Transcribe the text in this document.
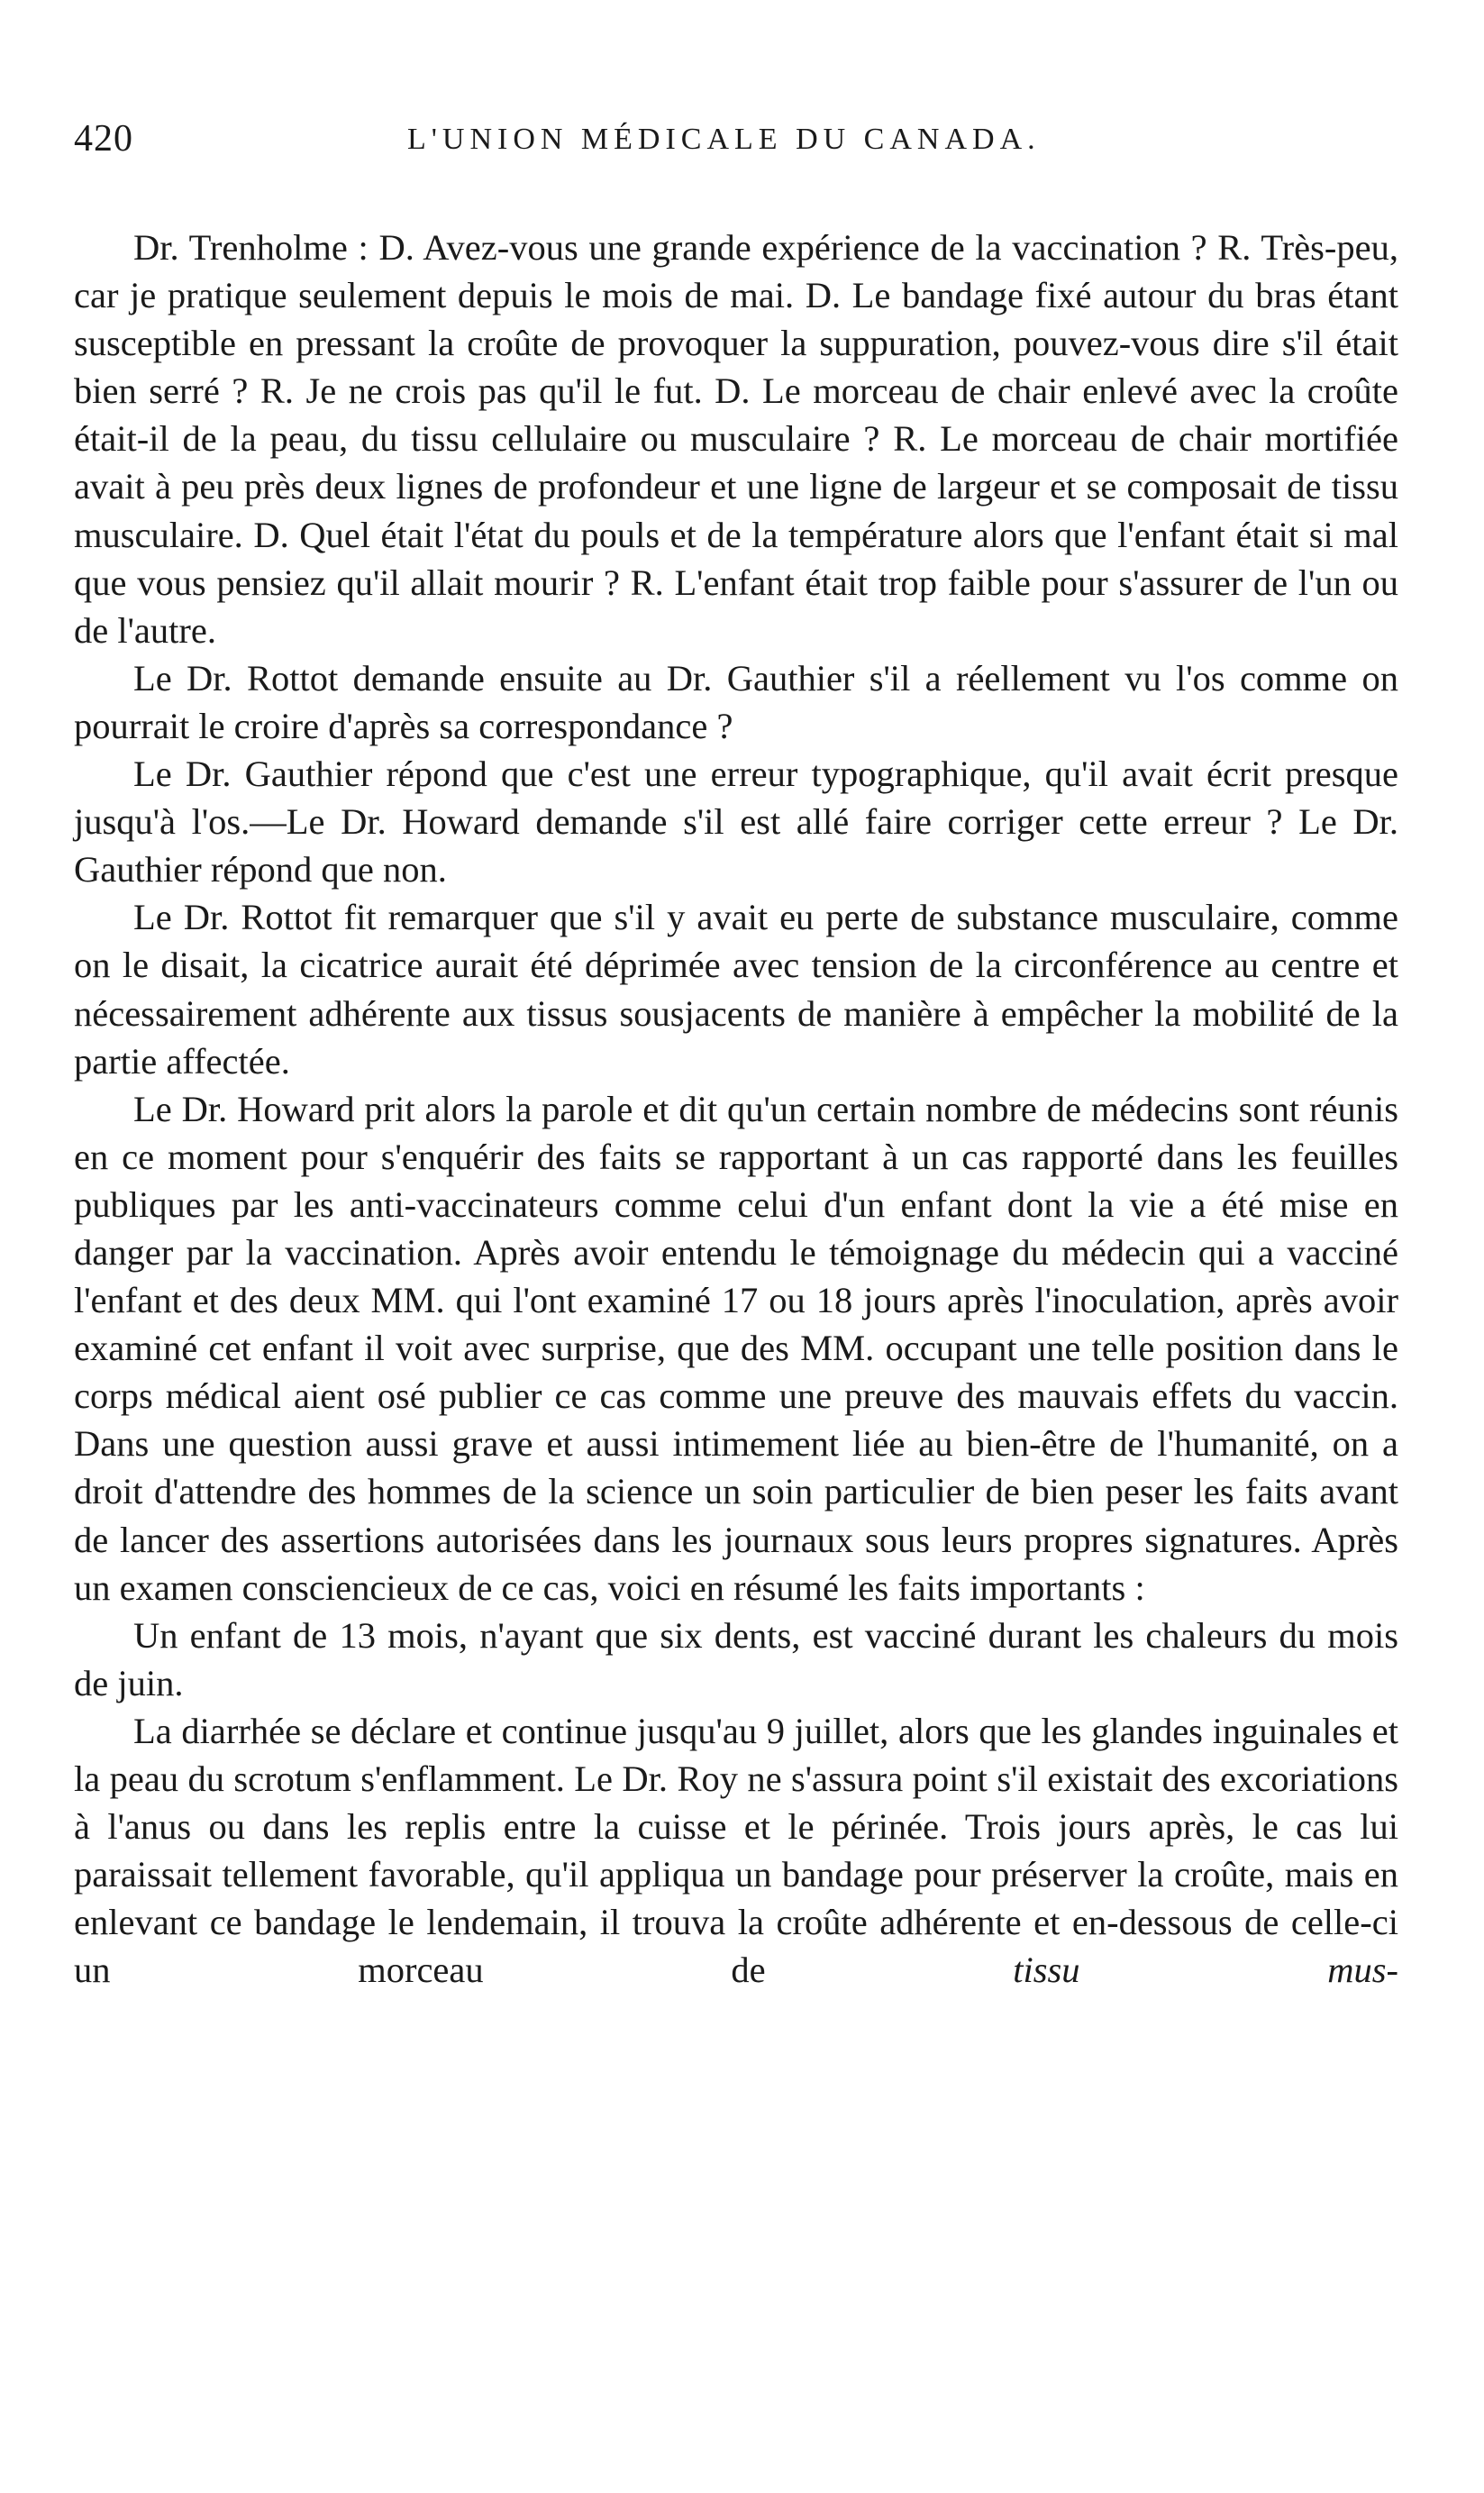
420	L'UNION MÉDICALE DU CANADA.

Dr. Trenholme : D. Avez-vous une grande expérience de la vaccination ? R. Très-peu, car je pratique seulement depuis le mois de mai. D. Le bandage fixé autour du bras étant susceptible en pressant la croûte de provoquer la suppuration, pouvez-vous dire s'il était bien serré ? R. Je ne crois pas qu'il le fut. D. Le morceau de chair enlevé avec la croûte était-il de la peau, du tissu cellulaire ou musculaire ? R. Le morceau de chair mortifiée avait à peu près deux lignes de profondeur et une ligne de largeur et se composait de tissu musculaire. D. Quel était l'état du pouls et de la température alors que l'enfant était si mal que vous pensiez qu'il allait mourir ? R. L'enfant était trop faible pour s'assurer de l'un ou de l'autre.

Le Dr. Rottot demande ensuite au Dr. Gauthier s'il a réellement vu l'os comme on pourrait le croire d'après sa correspondance ?

Le Dr. Gauthier répond que c'est une erreur typographique, qu'il avait écrit presque jusqu'à l'os.—Le Dr. Howard demande s'il est allé faire corriger cette erreur ? Le Dr. Gauthier répond que non.

Le Dr. Rottot fit remarquer que s'il y avait eu perte de substance musculaire, comme on le disait, la cicatrice aurait été déprimée avec tension de la circonférence au centre et nécessairement adhérente aux tissus sousjacents de manière à empêcher la mobilité de la partie affectée.

Le Dr. Howard prit alors la parole et dit qu'un certain nombre de médecins sont réunis en ce moment pour s'enquérir des faits se rapportant à un cas rapporté dans les feuilles publiques par les anti-vaccinateurs comme celui d'un enfant dont la vie a été mise en danger par la vaccination. Après avoir entendu le témoignage du médecin qui a vacciné l'enfant et des deux MM. qui l'ont examiné 17 ou 18 jours après l'inoculation, après avoir examiné cet enfant il voit avec surprise, que des MM. occupant une telle position dans le corps médical aient osé publier ce cas comme une preuve des mauvais effets du vaccin. Dans une question aussi grave et aussi intimement liée au bien-être de l'humanité, on a droit d'attendre des hommes de la science un soin particulier de bien peser les faits avant de lancer des assertions autorisées dans les journaux sous leurs propres signatures. Après un examen consciencieux de ce cas, voici en résumé les faits importants :

Un enfant de 13 mois, n'ayant que six dents, est vacciné durant les chaleurs du mois de juin.

La diarrhée se déclare et continue jusqu'au 9 juillet, alors que les glandes inguinales et la peau du scrotum s'enflamment. Le Dr. Roy ne s'assura point s'il existait des excoriations à l'anus ou dans les replis entre la cuisse et le périnée. Trois jours après, le cas lui paraissait tellement favorable, qu'il appliqua un bandage pour préserver la croûte, mais en enlevant ce bandage le lendemain, il trouva la croûte adhérente et en-dessous de celle-ci un morceau de	tissu mus-
